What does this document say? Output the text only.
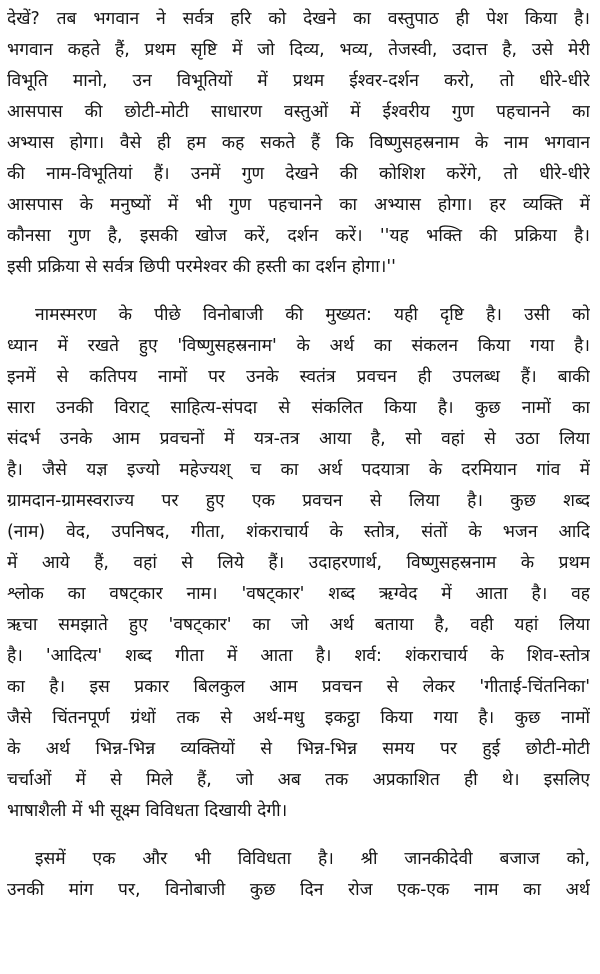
देखें? तब भगवान ने सर्वत्र हरि को देखने का वस्तुपाठ ही पेश किया है।

भगवान कहते हैं, प्रथम सृष्टि में जो दिव्य, भव्य, तेजस्वी, उदात्त है, उसे मेरी

विभूति मानो, उन विभूतियों में प्रथम ईश्वर-दर्शन करो, तो धीरे-धीरे

आसपास की छोटी-मोटी साधारण वस्तुओं में ईश्वरीय गुण पहचानने का

अभ्यास होगा। वैसे ही हम कह सकते हैं कि विष्णुसहस्रनाम के नाम भगवान

की नाम-विभूतियां हैं। उनमें गुण देखने की कोशिश करेंगे, तो धीरे-धीरे

आसपास के मनुष्यों में भी गुण पहचानने का अभ्यास होगा। हर व्यक्ति में

कौनसा गुण है, इसकी खोज करें, दर्शन करें। ''यह भक्ति की प्रक्रिया है।

इसी प्रक्रिया से सर्वत्र छिपी परमेश्वर की हस्ती का दर्शन होगा।''

नामस्मरण के पीछे विनोबाजी की मुख्यत: यही दृष्टि है। उसी को

ध्यान में रखते हुए 'विष्णुसहस्रनाम' के अर्थ का संकलन किया गया है।

इनमें से कतिपय नामों पर उनके स्वतंत्र प्रवचन ही उपलब्ध हैं। बाकी

सारा उनकी विराट् साहित्य-संपदा से संकलित किया है। कुछ नामों का

संदर्भ उनके आम प्रवचनों में यत्र-तत्र आया है, सो वहां से उठा लिया

है। जैसे यज्ञ इज्यो महेज्यश् च का अर्थ पदयात्रा के दरमियान गांव में

ग्रामदान-ग्रामस्वराज्य पर हुए एक प्रवचन से लिया है। कुछ शब्द

(नाम) वेद, उपनिषद, गीता, शंकराचार्य के स्तोत्र, संतों के भजन आदि

में आये हैं, वहां से लिये हैं। उदाहरणार्थ, विष्णुसहस्रनाम के प्रथम

श्लोक का वषट्कार नाम। 'वषट्कार' शब्द ऋग्वेद में आता है। वह

ऋचा समझाते हुए 'वषट्कार' का जो अर्थ बताया है, वही यहां लिया

है। 'आदित्य' शब्द गीता में आता है। शर्व: शंकराचार्य के शिव-स्तोत्र

का है। इस प्रकार बिलकुल आम प्रवचन से लेकर 'गीताई-चिंतनिका'

जैसे चिंतनपूर्ण ग्रंथों तक से अर्थ-मधु इकट्ठा किया गया है। कुछ नामों

के अर्थ भिन्न-भिन्न व्यक्तियों से भिन्न-भिन्न समय पर हुई छोटी-मोटी

चर्चाओं में से मिले हैं, जो अब तक अप्रकाशित ही थे। इसलिए

भाषाशैली में भी सूक्ष्म विविधता दिखायी देगी।

इसमें एक और भी विविधता है। श्री जानकीदेवी बजाज को,

उनकी मांग पर, विनोबाजी कुछ दिन रोज एक-एक नाम का अर्थ
